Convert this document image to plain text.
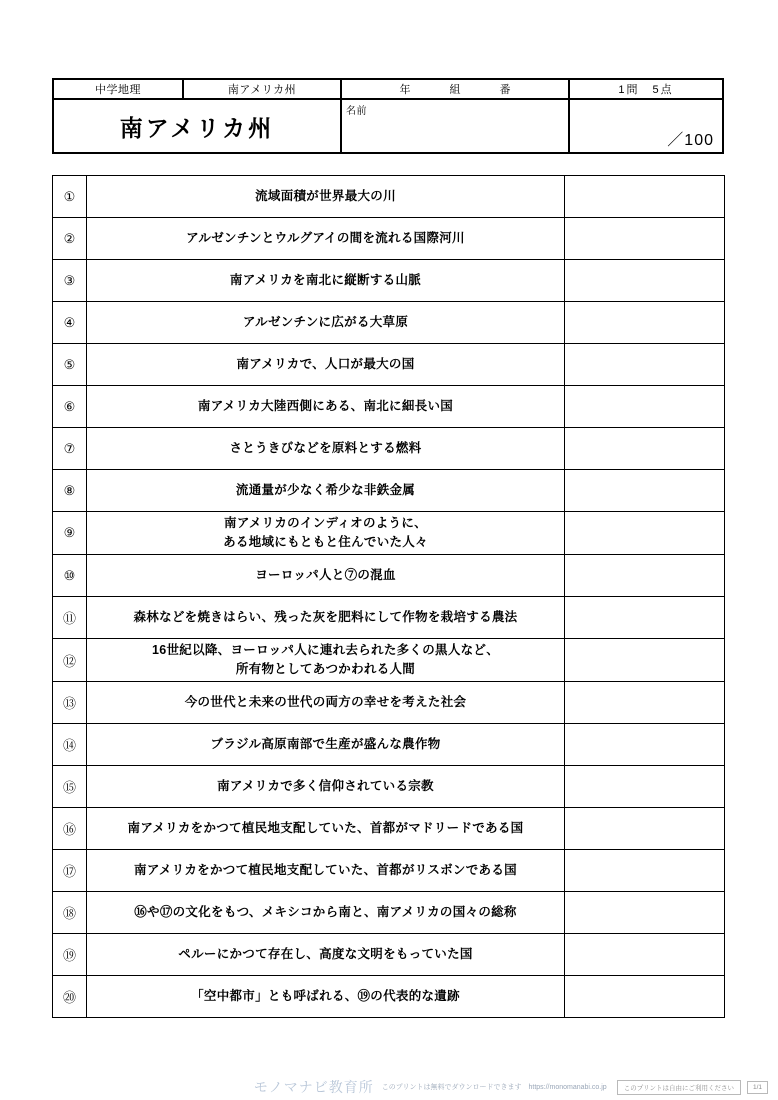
中学地理	南アメリカ州	年　組　番	1問　5点
南アメリカ州
名前
／100
①	流域面積が世界最大の川	
②	アルゼンチンとウルグアイの間を流れる国際河川	
③	南アメリカを南北に縦断する山脈	
④	アルゼンチンに広がる大草原	
⑤	南アメリカで、人口が最大の国	
⑥	南アメリカ大陸西側にある、南北に細長い国	
⑦	さとうきびなどを原料とする燃料	
⑧	流通量が少なく希少な非鉄金属	
⑨	南アメリカのインディオのように、
ある地域にもともと住んでいた人々	
⑩	ヨーロッパ人と⑦の混血	
⑪	森林などを焼きはらい、残った灰を肥料にして作物を栽培する農法	
⑫	16世紀以降、ヨーロッパ人に連れ去られた多くの黒人など、
所有物としてあつかわれる人間	
⑬	今の世代と未来の世代の両方の幸せを考えた社会	
⑭	ブラジル高原南部で生産が盛んな農作物	
⑮	南アメリカで多く信仰されている宗教	
⑯	南アメリカをかつて植民地支配していた、首都がマドリードである国	
⑰	南アメリカをかつて植民地支配していた、首都がリスボンである国	
⑱	⑯や⑰の文化をもつ、メキシコから南と、南アメリカの国々の総称	
⑲	ペルーにかつて存在し、高度な文明をもっていた国	
⑳	「空中都市」とも呼ばれる、⑲の代表的な遺跡	
モノマナビ教育所 このプリントは無料でダウンロードできます　https://monomanabi.co.jp	このプリントは自由にご利用ください	1/1
